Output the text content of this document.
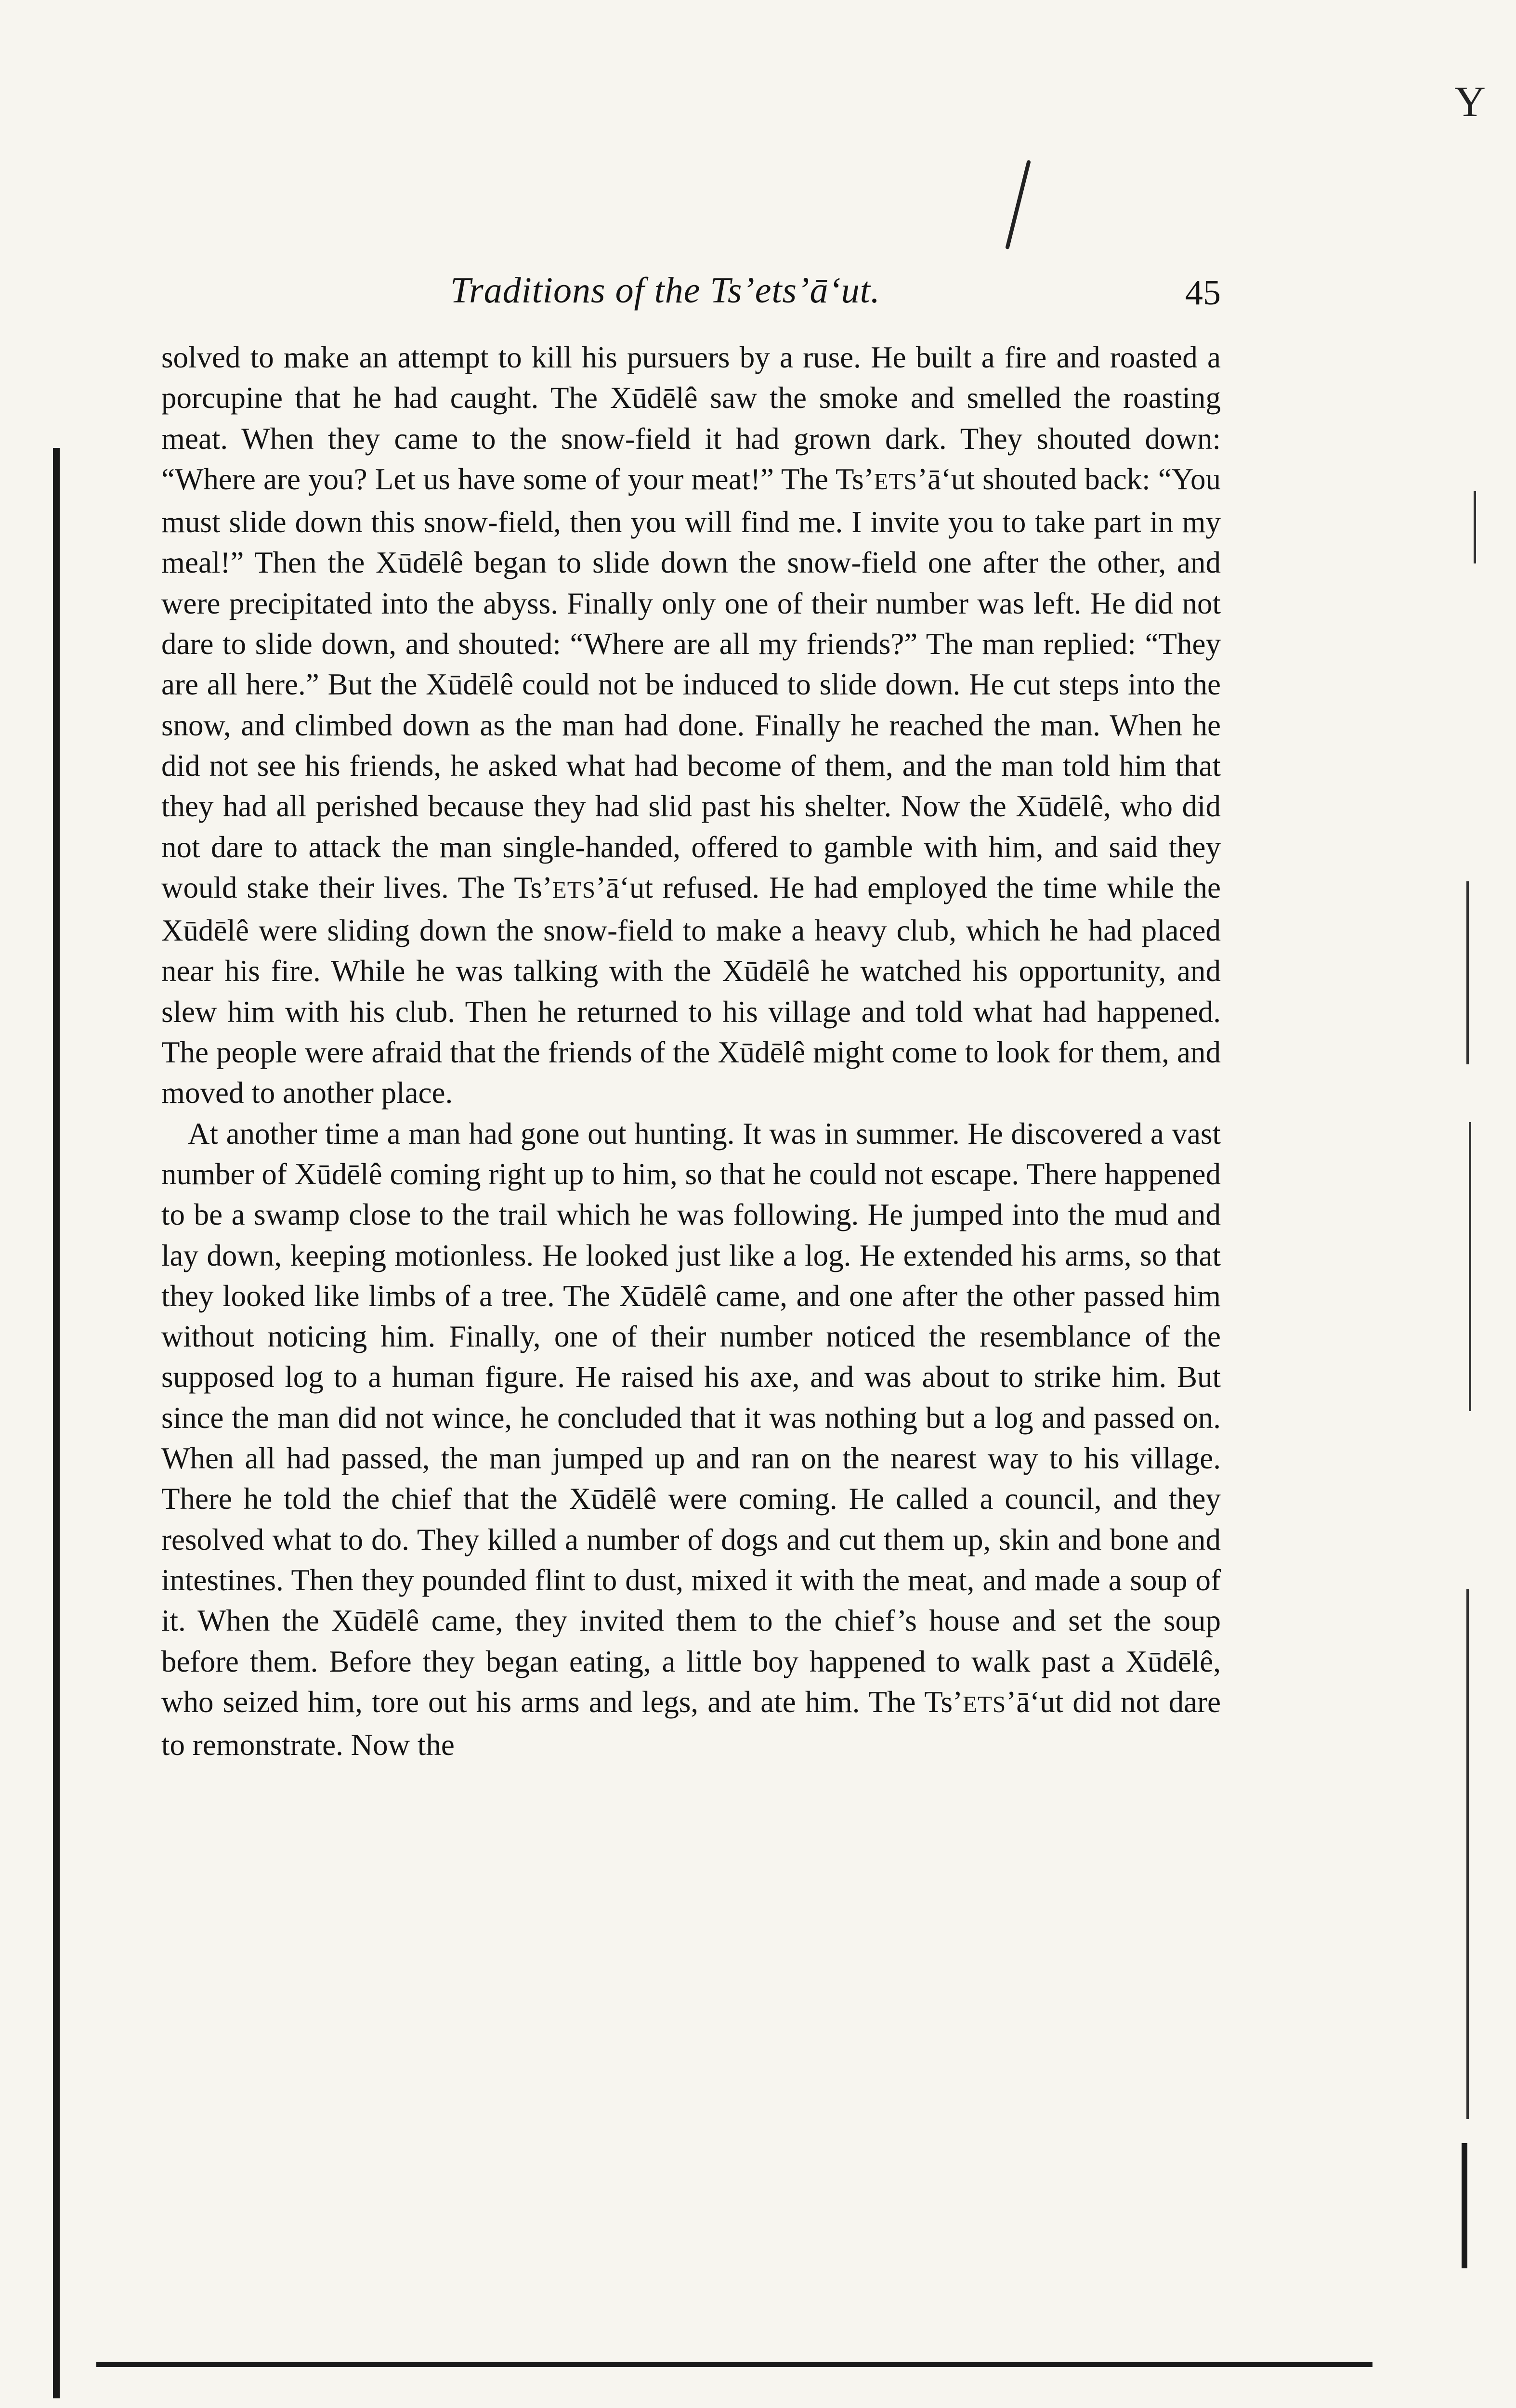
Y
Traditions of the Ts’ets’ā‘ut.	45

solved to make an attempt to kill his pursuers by a ruse. He built a fire and roasted a porcupine that he had caught. The Xūdēlê saw the smoke and smelled the roasting meat. When they came to the snow-field it had grown dark. They shouted down: “Where are you? Let us have some of your meat!” The Ts’ETS’ā‘ut shouted back: “You must slide down this snow-field, then you will find me. I invite you to take part in my meal!” Then the Xūdēlê began to slide down the snow-field one after the other, and were precipitated into the abyss. Finally only one of their number was left. He did not dare to slide down, and shouted: “Where are all my friends?” The man replied: “They are all here.” But the Xūdēlê could not be induced to slide down. He cut steps into the snow, and climbed down as the man had done. Finally he reached the man. When he did not see his friends, he asked what had become of them, and the man told him that they had all perished because they had slid past his shelter. Now the Xūdēlê, who did not dare to attack the man single-handed, offered to gamble with him, and said they would stake their lives. The Ts’ETS’ā‘ut refused. He had employed the time while the Xūdēlê were sliding down the snow-field to make a heavy club, which he had placed near his fire. While he was talking with the Xūdēlê he watched his opportunity, and slew him with his club. Then he returned to his village and told what had happened. The people were afraid that the friends of the Xūdēlê might come to look for them, and moved to another place.

At another time a man had gone out hunting. It was in summer. He discovered a vast number of Xūdēlê coming right up to him, so that he could not escape. There happened to be a swamp close to the trail which he was following. He jumped into the mud and lay down, keeping motionless. He looked just like a log. He extended his arms, so that they looked like limbs of a tree. The Xūdēlê came, and one after the other passed him without noticing him. Finally, one of their number noticed the resemblance of the supposed log to a human figure. He raised his axe, and was about to strike him. But since the man did not wince, he concluded that it was nothing but a log and passed on. When all had passed, the man jumped up and ran on the nearest way to his village. There he told the chief that the Xūdēlê were coming. He called a council, and they resolved what to do. They killed a number of dogs and cut them up, skin and bone and intestines. Then they pounded flint to dust, mixed it with the meat, and made a soup of it. When the Xūdēlê came, they invited them to the chief’s house and set the soup before them. Before they began eating, a little boy happened to walk past a Xūdēlê, who seized him, tore out his arms and legs, and ate him. The Ts’ETS’ā‘ut did not dare to remonstrate. Now the
